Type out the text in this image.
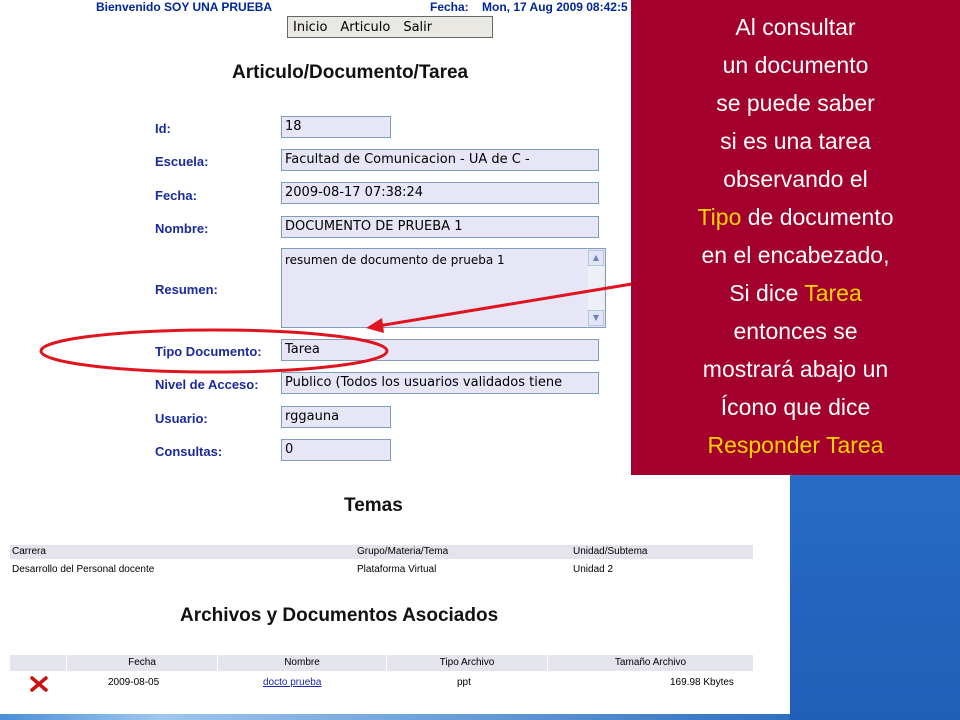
Bienvenido SOY UNA PRUEBA	Fecha: Mon, 17 Aug 2009 08:42:5
Inicio	Articulo	Salir
Articulo/Documento/Tarea
Id:	18
Escuela:	Facultad de Comunicacion - UA de C -
Fecha:	2009-08-17 07:38:24
Nombre:	DOCUMENTO DE PRUEBA 1
Resumen:
resumen de documento de prueba 1	▲
▼
Tipo Documento:	Tarea
Nivel de Acceso:	Publico (Todos los usuarios validados tiene
Usuario:	rggauna
Consultas:	0
Temas
Carrera	Grupo/Materia/Tema	Unidad/Subtema
Desarrollo del Personal docente	Plataforma Virtual	Unidad 2
Archivos y Documentos Asociados
Fecha	Nombre	Tipo Archivo	Tamaño Archivo
2009-08-05	docto prueba	ppt	169.98 Kbytes
Al consultar
un documento
se puede saber
si es una tarea
observando el
Tipo de documento
en el encabezado,
Si dice Tarea
entonces se
mostrará abajo un
Ícono que dice
Responder Tarea
